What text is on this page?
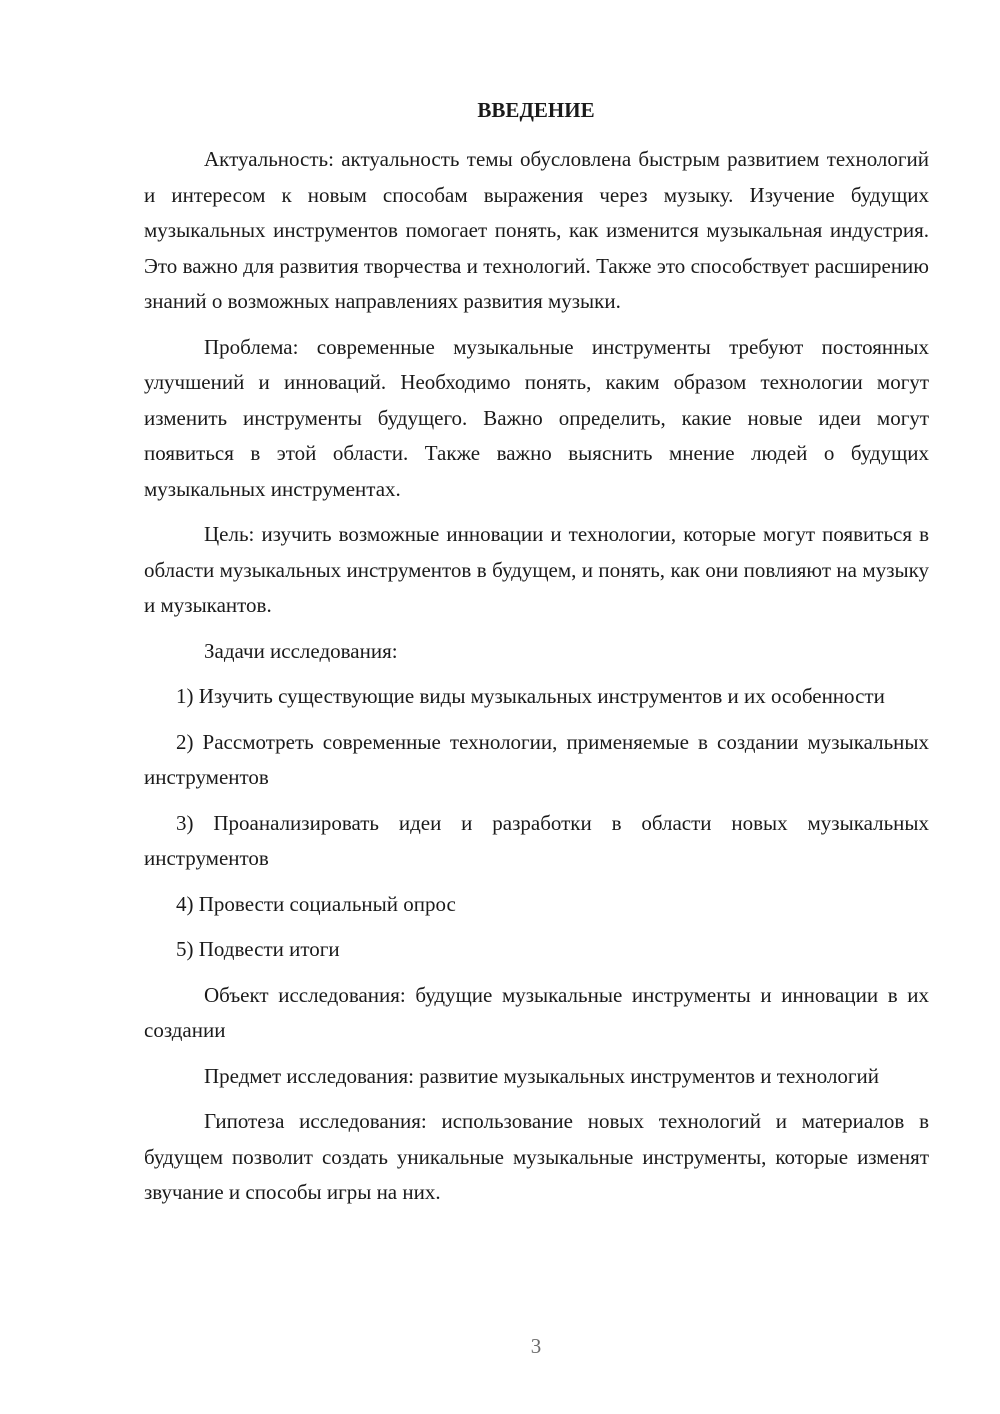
ВВЕДЕНИЕ

Актуальность: актуальность темы обусловлена быстрым развитием технологий и интересом к новым способам выражения через музыку. Изучение будущих музыкальных инструментов помогает понять, как изменится музыкальная индустрия. Это важно для развития творчества и технологий. Также это способствует расширению знаний о возможных направлениях развития музыки.

Проблема: современные музыкальные инструменты требуют постоянных улучшений и инноваций. Необходимо понять, каким образом технологии могут изменить инструменты будущего. Важно определить, какие новые идеи могут появиться в этой области. Также важно выяснить мнение людей о будущих музыкальных инструментах.

Цель: изучить возможные инновации и технологии, которые могут появиться в области музыкальных инструментов в будущем, и понять, как они повлияют на музыку и музыкантов.

Задачи исследования:

1) Изучить существующие виды музыкальных инструментов и их особенности

2) Рассмотреть современные технологии, применяемые в создании музыкальных инструментов

3) Проанализировать идеи и разработки в области новых музыкальных инструментов

4) Провести социальный опрос

5) Подвести итоги

Объект исследования: будущие музыкальные инструменты и инновации в их создании

Предмет исследования: развитие музыкальных инструментов и технологий

Гипотеза исследования: использование новых технологий и материалов в будущем позволит создать уникальные музыкальные инструменты, которые изменят звучание и способы игры на них.

3
